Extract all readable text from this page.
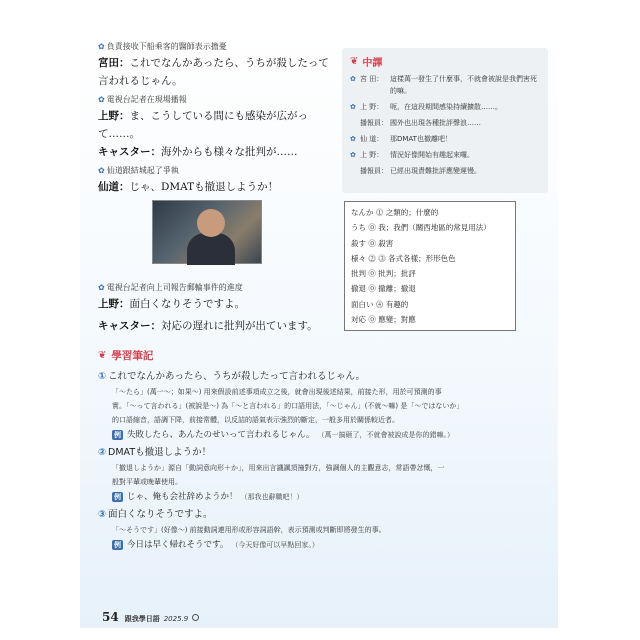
✿ 負責接收下船乘客的醫師表示擔憂
宮田：これでなんかあったら、うちが殺したって言われるじゃん。
✿ 電視台記者在現場播報
上野：ま、こうしている間にも感染が広がって……。
キャスター：海外からも様々な批判が……
✿ 仙道跟結城起了爭執
仙道：じゃ、DMATも撤退しようか！
✿ 電視台記者向上司報告郵輪事件的進度
上野：面白くなりそうですよ。
キャスター：対応の遅れに批判が出ています。
❦ 中譯
✿ 宮 田： 這樣萬一發生了什麼事，不就會被說是我們害死的嘛。
✿ 上 野： 呃，在這段期間感染持續擴散……。
播報員： 國外也出現各種批評聲浪……
✿ 仙 道： 那DMAT也撤離吧！
✿ 上 野： 情況好像開始有趣起來囉。
播報員： 已經出現責難批評應變遲慢。
なんか ⓵ 之類的；什麼的
うち ⓪ 我；我們（關西地區的常見用法）
殺す ⓪ 殺害
様々 ⓶ ⓷ 各式各樣；形形色色
批判 ⓪ 批判；批評
撤退 ⓪ 撤離；撤退
面白い ⓸ 有趣的
対応 ⓪ 應變；對應
❦ 學習筆記
① これでなんかあったら、うちが殺したって言われるじゃん。
「〜たら」(萬一〜；如果〜) 用來假設前述事項成立之後，就會出現後述結果，前接た形，用於可預測的事
實。「〜って言われる」(被說是〜) 為「〜と言われる」的口語用法，「〜じゃん」(不就〜嘛) 是「〜ではないか」
的口語縮音，語調下降，前接常體，以反詰的語氣表示強烈的斷定，一般多用於關係較近者。
例 失敗したら、あんたのせいって言われるじゃん。 （萬一搞砸了，不就會被說成是你的錯嘛。）
② DMATも撤退しようか！
「撤退しようか」源自「動詞意向形＋か」，用來出言譏諷頂撞對方，強調個人的主觀意志，常語帶忿慨，一
般對平輩或晚輩使用。
例 じゃ、俺も会社辞めようか！ （那我也辭職吧！）
③ 面白くなりそうですよ。
「〜そうです」(好像〜) 前接動詞連用形或形容詞語幹，表示預測或判斷即將發生的事。
例 今日は早く帰れそうです。 （今天好像可以早點回家。）
54 跟我學日語 2025.9
